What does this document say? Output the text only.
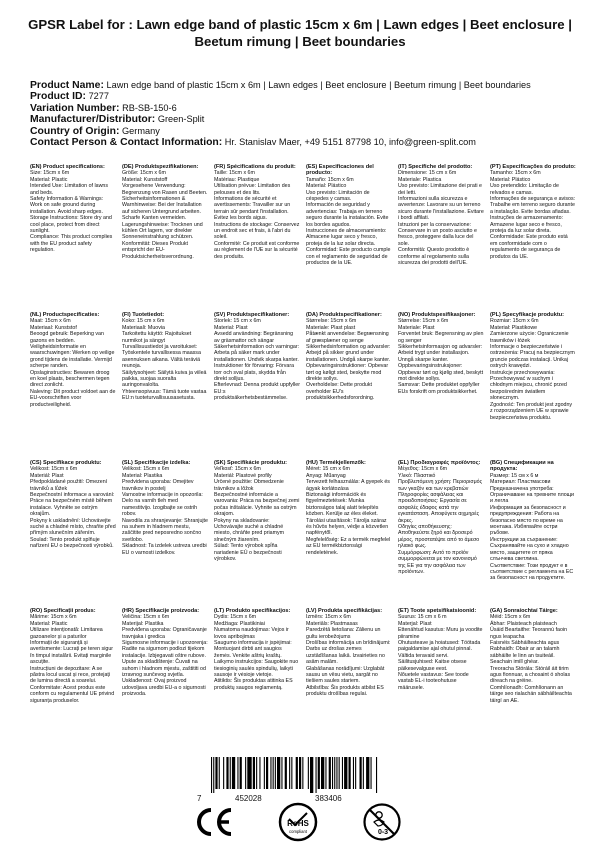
GPSR Label for : Lawn edge band of plastic 15cm x 6m | Lawn edges | Beet enclosure | Beetum rimung | Beet boundaries
Product Name: Lawn edge band of plastic 15cm x 6m | Lawn edges | Beet enclosure | Beetum rimung | Beet boundaries
Product ID: 7277
Variation Number: RB-SB-150-6
Manufacturer/Distributor: Green-Split
Country of Origin: Germany
Contact Person & Contact Information: Hr. Stanislav Maer, +49 5151 87798 10, info@green-split.com

(EN) Product specifications:

Size: 15cm x 6m
Material: Plastic
Intended Use: Limitation of lawns and beds.
Safety Information & Warnings: Work on safe ground during installation. Avoid sharp edges.
Storage Instructions: Store dry and cool place, protect from direct sunlight.
Compliance: This product complies with the EU product safety regulation.

(DE) Produktspezifikationen:

Größe: 15cm x 6m
Material: Kunststoff
Vorgesehene Verwendung: Begrenzung von Rasen und Beeten.
Sicherheitsinformationen & Warnhinweise: Bei der Installation auf sicheren Untergrund arbeiten. Scharfe Kanten vermeiden.
Lagerungshinweise: Trocknen und kühlen Ort lagern, vor direkter Sonneneinstrahlung schützen.
Konformität: Dieses Produkt entspricht der EU-Produktsicherheitsverordnung.

(FR) Spécifications du produit:

Taille: 15cm x 6m
Matériau: Plastique
Utilisation prévue: Limitation des pelouses et des lits.
Informations de sécurité et avertissements: Travailler sur un terrain sûr pendant l'installation. Évitez les bords aigus.
Instructions de stockage: Conservez un endroit sec et frais, à l'abri du soleil.
Conformité: Ce produit est conforme au règlement de l'UE sur la sécurité des produits.

(ES) Especificaciones del producto:

Tamaño: 15cm x 6m
Material: Plástico
Uso previsto: Limitación de céspedes y camas.
Información de seguridad y advertencias: Trabaja en terreno seguro durante la instalación. Evite los bordes agudos.
Instrucciones de almacenamiento: Almacene lugar seco y fresco, proteja de la luz solar directa.
Conformidad: Este producto cumple con el reglamento de seguridad de productos de la UE.

(IT) Specifiche del prodotto:

Dimensione: 15 cm x 6m
Materiale: Plastica
Uso previsto: Limitazione dei prati e dei letti.
Informazioni sulla sicurezza e avvertenze: Lavorare su un terreno sicuro durante l'installazione. Evitare i bordi affilati.
Istruzioni per la conservazione: Conservare in un posto asciutto e fresco, proteggere dalla luce del sole.
Conformità: Questo prodotto è conforme al regolamento sulla sicurezza dei prodotti dell'UE.

(PT) Especificações do produto:

Tamanho: 15cm x 6m
Material: Plástico
Uso pretendido: Limitação de relvados e camas.
Informações de segurança e avisos: Trabalhe em terreno seguro durante a instalação. Evite bordas afiadas.
Instruções de armazenamento: Armazene lugar seco e fresco, proteja da luz solar direta.
Conformidade: Este produto está em conformidade com o regulamento de segurança de produtos da UE.

(NL) Productspecificaties:

Maat: 15cm x 6m
Materiaal: Kunststof
Beoogd gebruik: Beperking van gazons en bedden.
Veiligheidsinformatie en waarschuwingen: Werken op veilige grond tijdens de installatie. Vermijd scherpe randen.
Opslaginstructies: Bewaren droog en koel plaats, beschermen tegen direct zonlicht.
Naleving: Dit product voldoet aan de EU-voorschriften voor productveiligheid.

(FI) Tuotetiedot:

Koko: 15 cm x 6m
Materiaali: Muovia
Tarkoitettu käyttö: Rajoitukset nurmikot ja sängyt
Turvallisuustiedot ja varoitukset: Työskentele turvallisessa maassa asennuksen aikana. Vältä teräviä reunoja.
Säilytysohjeet: Säilytä kuiva ja viileä paikka, suojaa suoralta auringonvalolta.
Yhteensopivuus: Tämä tuote vastaa EU:n tuoteturvallisuusasetusta.

(SV) Produktspecifikationer:

Storlek: 15 cm x 6m
Material: Plast
Avsedd användning: Begränsning av gräsmattor och sängar
Säkerhetsinformation och varningar: Arbeta på säker mark under installationen. Undvik skarpa kanter.
Instruktioner för förvaring: Förvara torr och sval plats, skydda från direkt solljus.
Efterlevnad: Denna produkt uppfyller EU:s produktsäkerhetsbestämmelse.

(DA) Produktspecifikationer:

Størrelse: 15cm x 6m
Materiale: Plast plast
Påtænkt anvendelse: Begrænsning af græsplæner og senge
Sikkerhedsinformation og advarsler: Arbejd på sikker grund under installationen. Undgå skarpe kanter.
Opbevaringsinstruktioner: Opbevar tørt og køligt sted, beskytte mod direkte sollys.
Overholdelse: Dette produkt overholder EU's produktsikkerhedsforordning.

(NO) Produktspesifikasjoner:

Størrelse: 15cm x 6m
Materiale: Plast
Forventet bruk: Begrensning av plen og senger
Sikkerhetsinformasjon og advarsler: Arbeid trygt under installasjon. Unngå skarpe kanter.
Oppbevaringsinstruksjoner: Oppbevar tørt og kjølig sted, beskytt mot direkte sollys.
Samsvar: Dette produktet oppfyller EUs forskrift om produktsikkerhet.

(PL) Specyfikacje produktu:

Rozmiar: 15cm x 6m
Materiał: Plastikowe
Zamierzone użycie: Ograniczenie trawników i łóżek
Informacje o bezpieczeństwie i ostrzeżenia: Pracuj na bezpiecznym gruncie podczas instalacji. Unikaj ostrych krawędzi.
Instrukcje przechowywania: Przechowywać w suchym i chłodnym miejscu, chronić przed bezpośrednim światłem słonecznym.
Zgodność: Ten produkt jest zgodny z rozporządzeniem UE w sprawie bezpieczeństwa produktu.

(CS) Specifikace produktu:

Velikost: 15cm x 6m
Materiál: Plast
Předpokládané použití: Omezení trávníků a lůžek
Bezpečnostní informace a varování: Práce na bezpečném místě během instalace. Vyhněte se ostrým okrajům.
Pokyny k uskladnění: Uchovávejte suché a chladné místo, chraňte před přímým slunečním zářením.
Soulad: Tento produkt splňuje nařízení EU o bezpečnosti výrobků.

(SL) Specifikacije izdelka:

Velikost: 15cm x 6m
Material: Plastika
Predvidena uporaba: Omejitev travnikov in postelj
Varnostne informacije in opozorila: Delo na varnih tleh med namestitvijo. Izogibajte se ostrih robov.
Navodila za shranjevanje: Shranjujte na suhem in hladnem mestu, zaščitite pred neposredno sončno svetlobo.
Skladnost: Ta izdelek ustreza uredbi EU o varnosti izdelkov.

(SK) Špecifikácie produktu:

Veľkosť: 15cm x 6m
Materiál: Plastové profily
Určené použitie: Obmedzenie trávnikov a lôžok
Bezpečnostné informácie a varovania: Práca na bezpečnej zemi počas inštalácie. Vyhnite sa ostrým okrajom.
Pokyny na skladovanie: Uchovávajte suché a chladné miesto, chráňte pred priamym slnečným žiarením.
Súlad: Tento výrobok spĺňa nariadenie EÚ o bezpečnosti výrobkov.

(HU) Termékjellemzők:

Méret: 15 cm x 6m
Anyag: Műanyag
Tervezett felhasználás: A gyepek és ágyak korlátozása
Biztonsági információk és figyelmeztetések: Munka biztonságos talaj alatt telepítés közben. Kerülje az éles éleket.
Tárolási utasítások: Tárolja száraz és hűvös helyen, védje a közvetlen napfénytől.
Megfelelőség: Ez a termék megfelel az EU termékbiztonsági rendeletének.

(EL) Προδιαγραφές προϊόντος:

Μέγεθος: 15cm x 6m
Υλικό: Πλαστικό
Προβλεπόμενη χρήση: Περιορισμός των γκαζόν και των κρεβατιών
Πληροφορίες ασφάλειας και προειδοποιήσεις: Εργασία σε ασφαλές έδαφος κατά την εγκατάσταση. Αποφύγετε αιχμηρές άκρες.
Οδηγίες αποθήκευσης: Αποθηκεύστε ξηρό και δροσερό μέρος, προστατέψτε από το άμεσο ηλιακό φως.
Συμμόρφωση: Αυτό το προϊόν συμμορφώνεται με τον κανονισμό της ΕΕ για την ασφάλεια των προϊόντων.

(BG) Спецификации на продукта:

Размер: 15 см x 6 м
Материал: Пластмасови
Предназначена употреба: Ограничаване на тревните площи и легла
Информация за безопасност и предупреждения: Работа на безопасно място по време на монтажа. Избягвайте остри ръбове.
Инструкции за съхранение: Съхранявайте на сухо и хладно място, защитете от пряка слънчева светлина.
Съответствие: Този продукт е в съответствие с регламента на ЕС за безопасност на продуктите.

(RO) Specificații produs:

Mărime: 15cm x 6m
Material: Plastic
Utilizare intenționată: Limitarea gazoanelor și a paturilor
Informații de siguranță și avertismente: Lucrați pe teren sigur în timpul instalării. Evitați marginile ascuțite.
Instrucțiuni de depozitare: A se păstra locul uscat și rece, protejați de lumina directă a soarelui.
Conformitate: Acest produs este conform cu regulamentul UE privind siguranța produselor.

(HR) Specifikacije proizvoda:

Veličina: 15cm x 6m
Materijal: Plastika
Predviđena uporaba: Ograničavanje travnjaka i gredica
Sigurnosne informacije i upozorenja: Radite na sigurnom podlozi tijekom instalacije. Izbjegavati oštre rubove.
Upute za skladištenje: Čuvati na suhom i hladnom mjestu, zaštititi od izravnog sunčevog svjetla.
Usklađenost: Ovaj proizvod udovoljava uredbi EU-a o sigurnosti proizvoda.

(LT) Produkto specifikacijos:

Dydis: 15cm x 6m
Medžiaga: Plastikiniai
Numatoma naudojimas: Vejos ir lovos apribojimas
Saugumo informacija ir įspėjimai: Montuojant dirbti ant saugios žemės. Venkite aštrių kraštų.
Laikymo instrukcijos: Saugokite nuo tiesioginių saulės spindulių, laikyti sausoje ir vėsioje vietoje.
Atitiktis: Šis produktas atitinka ES produktų saugos reglamentą.

(LV) Produkta specifikācijas:

Izmērs: 15cm x 6m
Materiāls: Plastmasas
Paredzētā lietošana: Zālienu un gultu ierobežojums
Drošības informācija un brīdinājumi: Darbs uz drošas zemes uzstādīšanas laikā. Izvairieties no asām malām.
Glabāšanas norādījumi: Uzglabāt sausu un vēsu vietu, sargāt no tiešiem saules stariem.
Atbilstība: Šis produkts atbilst ES produktu drošības regulai.

(ET) Toote spetsifikatsioonid:

Suurus: 15 cm x 6 m
Materjal: Plast
Ettenähtud kasutus: Muru ja voodite piiramine
Ohutusteave ja hoiatused: Töötada paigaldamise ajal ohutul pinnal. Vältida teravaid servi.
Säilitusjuhised: Kaitse otsese päikesevalguse eest.
Nõuetele vastavus: See toode vastab EL-i tooteohutuse määrusele.

(GA) Sonraíochtaí Táirge:

Méid: 15cm x 6m
Ábhar: Plaisteach plaisteach
Úsáid Beartaithe: Teorannú faoin ngus leapacha
Faisnéis Sábháilteachta agus Rabhaidh: Obair ar an talamh sábháilte le linn an tsuiteáil. Seachain imill ghéar.
Treoracha Stórála: Stóráil áit tirim agus fionnuar, a chosaint ó sholas díreach na gréine.
Comhlíonadh: Comhlíonann an táirge seo rialachán sábháilteachta táirgí an AE.

7	452028	383406
CE
RoHS
compliant	0-3
